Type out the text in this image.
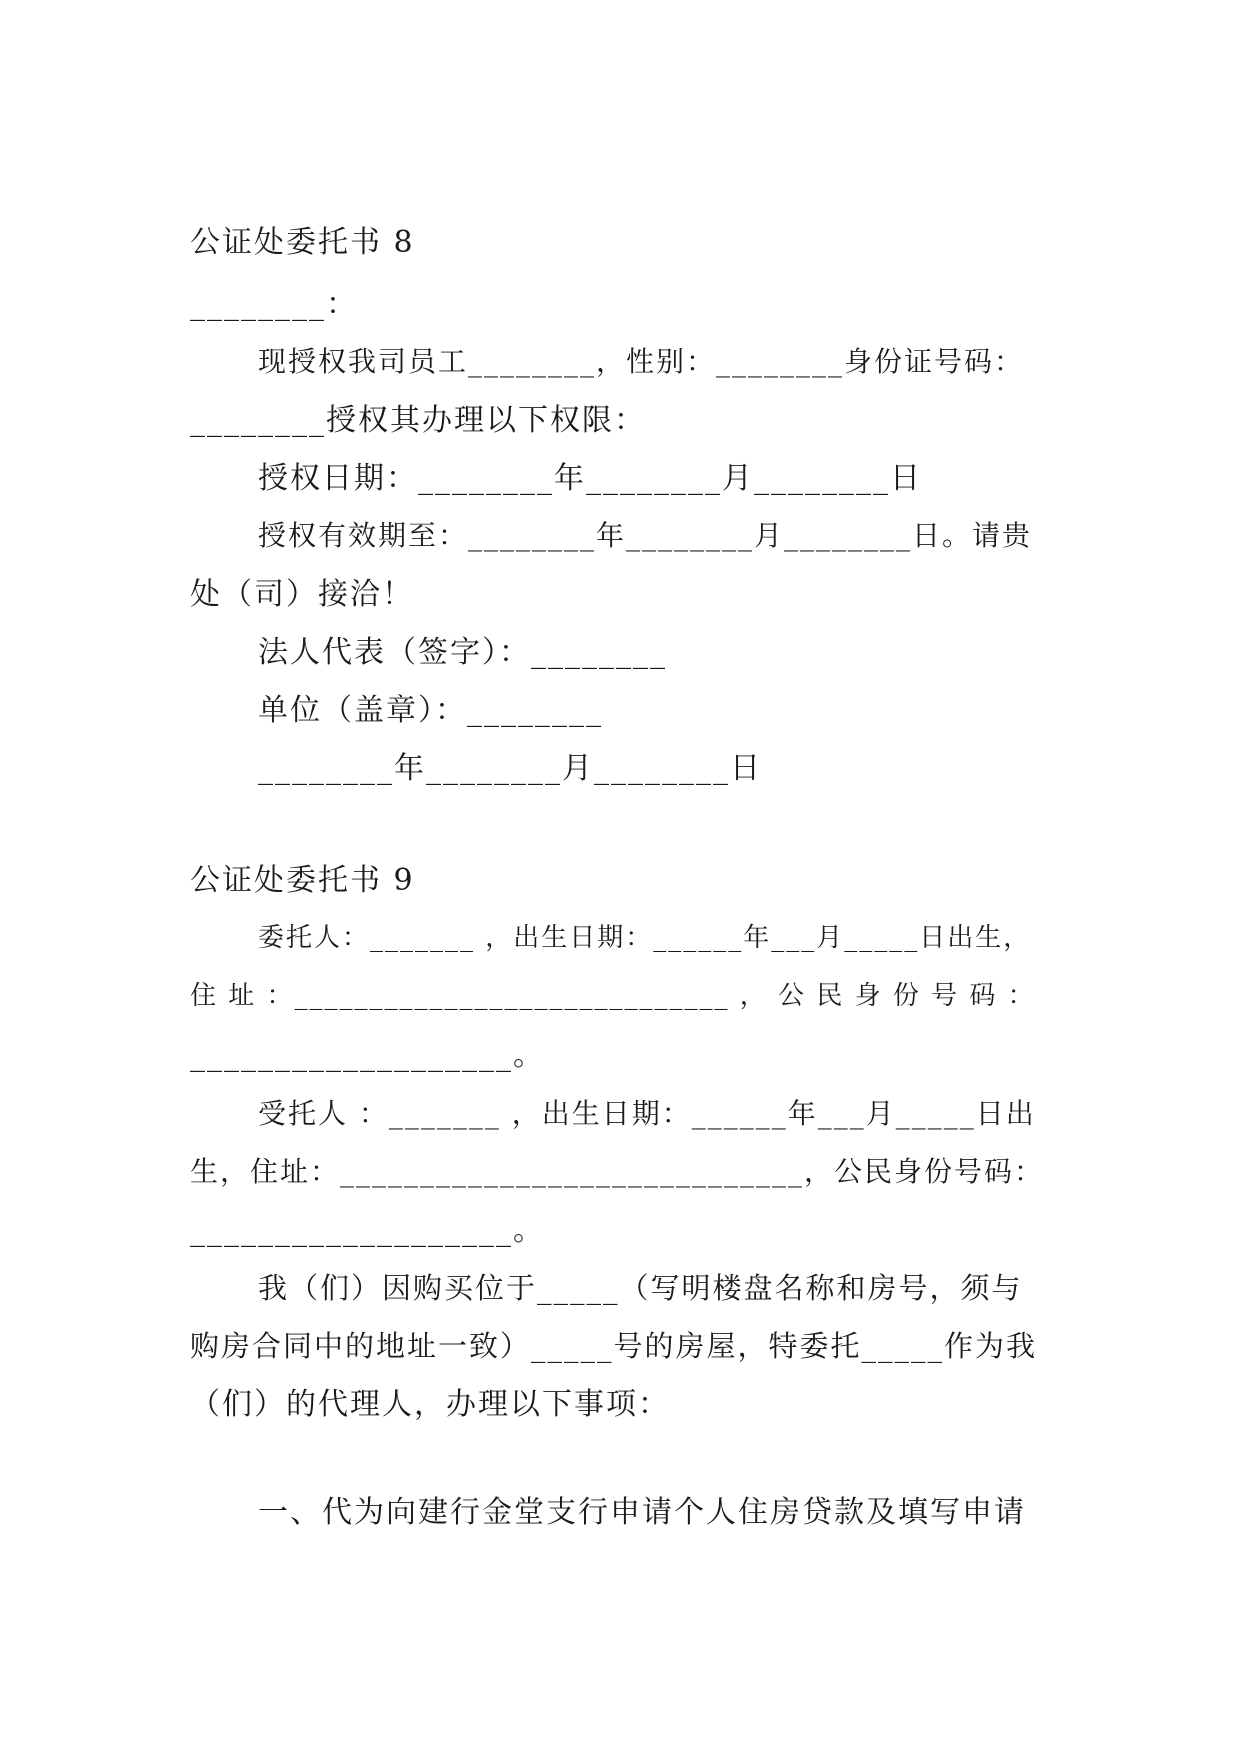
公证处委托书 8
________：
现授权我司员工________，性别：________身份证号码：
________授权其办理以下权限：
授权日期：________年________月________日
授权有效期至：________年________月________日。请贵
处（司）接洽！
法人代表（签字）：________
单位（盖章）：________
________年________月________日
公证处委托书 9
委托人：_______ ，出生日期：______年___月_____日出生，
住 址 ：_____________________________ ， 公 民 身 份 号 码 ：
___________________。
受托人 ：_______ ，出生日期：______年___月_____日出
生，住址：_____________________________，公民身份号码：
___________________。
我（们）因购买位于_____（写明楼盘名称和房号，须与
购房合同中的地址一致）_____号的房屋，特委托_____作为我
（们）的代理人，办理以下事项：
一、代为向建行金堂支行申请个人住房贷款及填写申请
